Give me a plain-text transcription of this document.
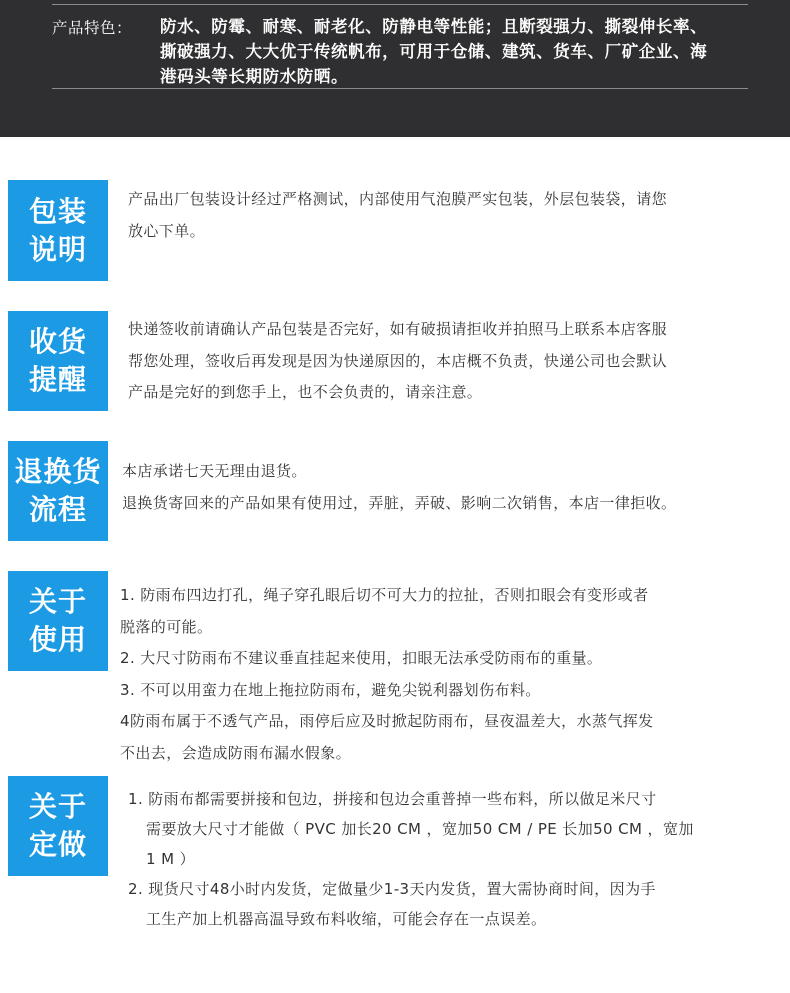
产品特色： 防水、防霉、耐寒、耐老化、防静电等性能；且断裂强力、撕裂伸长率、
撕破强力、大大优于传统帆布，可用于仓储、建筑、货车、厂矿企业、海
港码头等长期防水防晒。
包装
说明
产品出厂包装设计经过严格测试，内部使用气泡膜严实包装，外层包装袋，请您
放心下单。
收货
提醒
快递签收前请确认产品包装是否完好，如有破损请拒收并拍照马上联系本店客服
帮您处理，签收后再发现是因为快递原因的，本店概不负责，快递公司也会默认
产品是完好的到您手上，也不会负责的，请亲注意。
退换货
流程
本店承诺七天无理由退货。
退换货寄回来的产品如果有使用过，弄脏，弄破、影响二次销售，本店一律拒收。
关于
使用
1. 防雨布四边打孔，绳子穿孔眼后切不可大力的拉扯，否则扣眼会有变形或者
脱落的可能。
2. 大尺寸防雨布不建议垂直挂起来使用，扣眼无法承受防雨布的重量。
3. 不可以用蛮力在地上拖拉防雨布，避免尖锐利器划伤布料。
4防雨布属于不透气产品，雨停后应及时掀起防雨布，昼夜温差大，水蒸气挥发
不出去，会造成防雨布漏水假象。
关于
定做
1. 防雨布都需要拼接和包边，拼接和包边会重普掉一些布料，所以做足米尺寸
需要放大尺寸才能做（ PVC 加长20 CM ，宽加50 CM / PE 长加50 CM ，宽加
1 M ）
2. 现货尺寸48小时内发货，定做量少1-3天内发货，置大需协商时间，因为手
工生产加上机器高温导致布料收缩，可能会存在一点误差。
